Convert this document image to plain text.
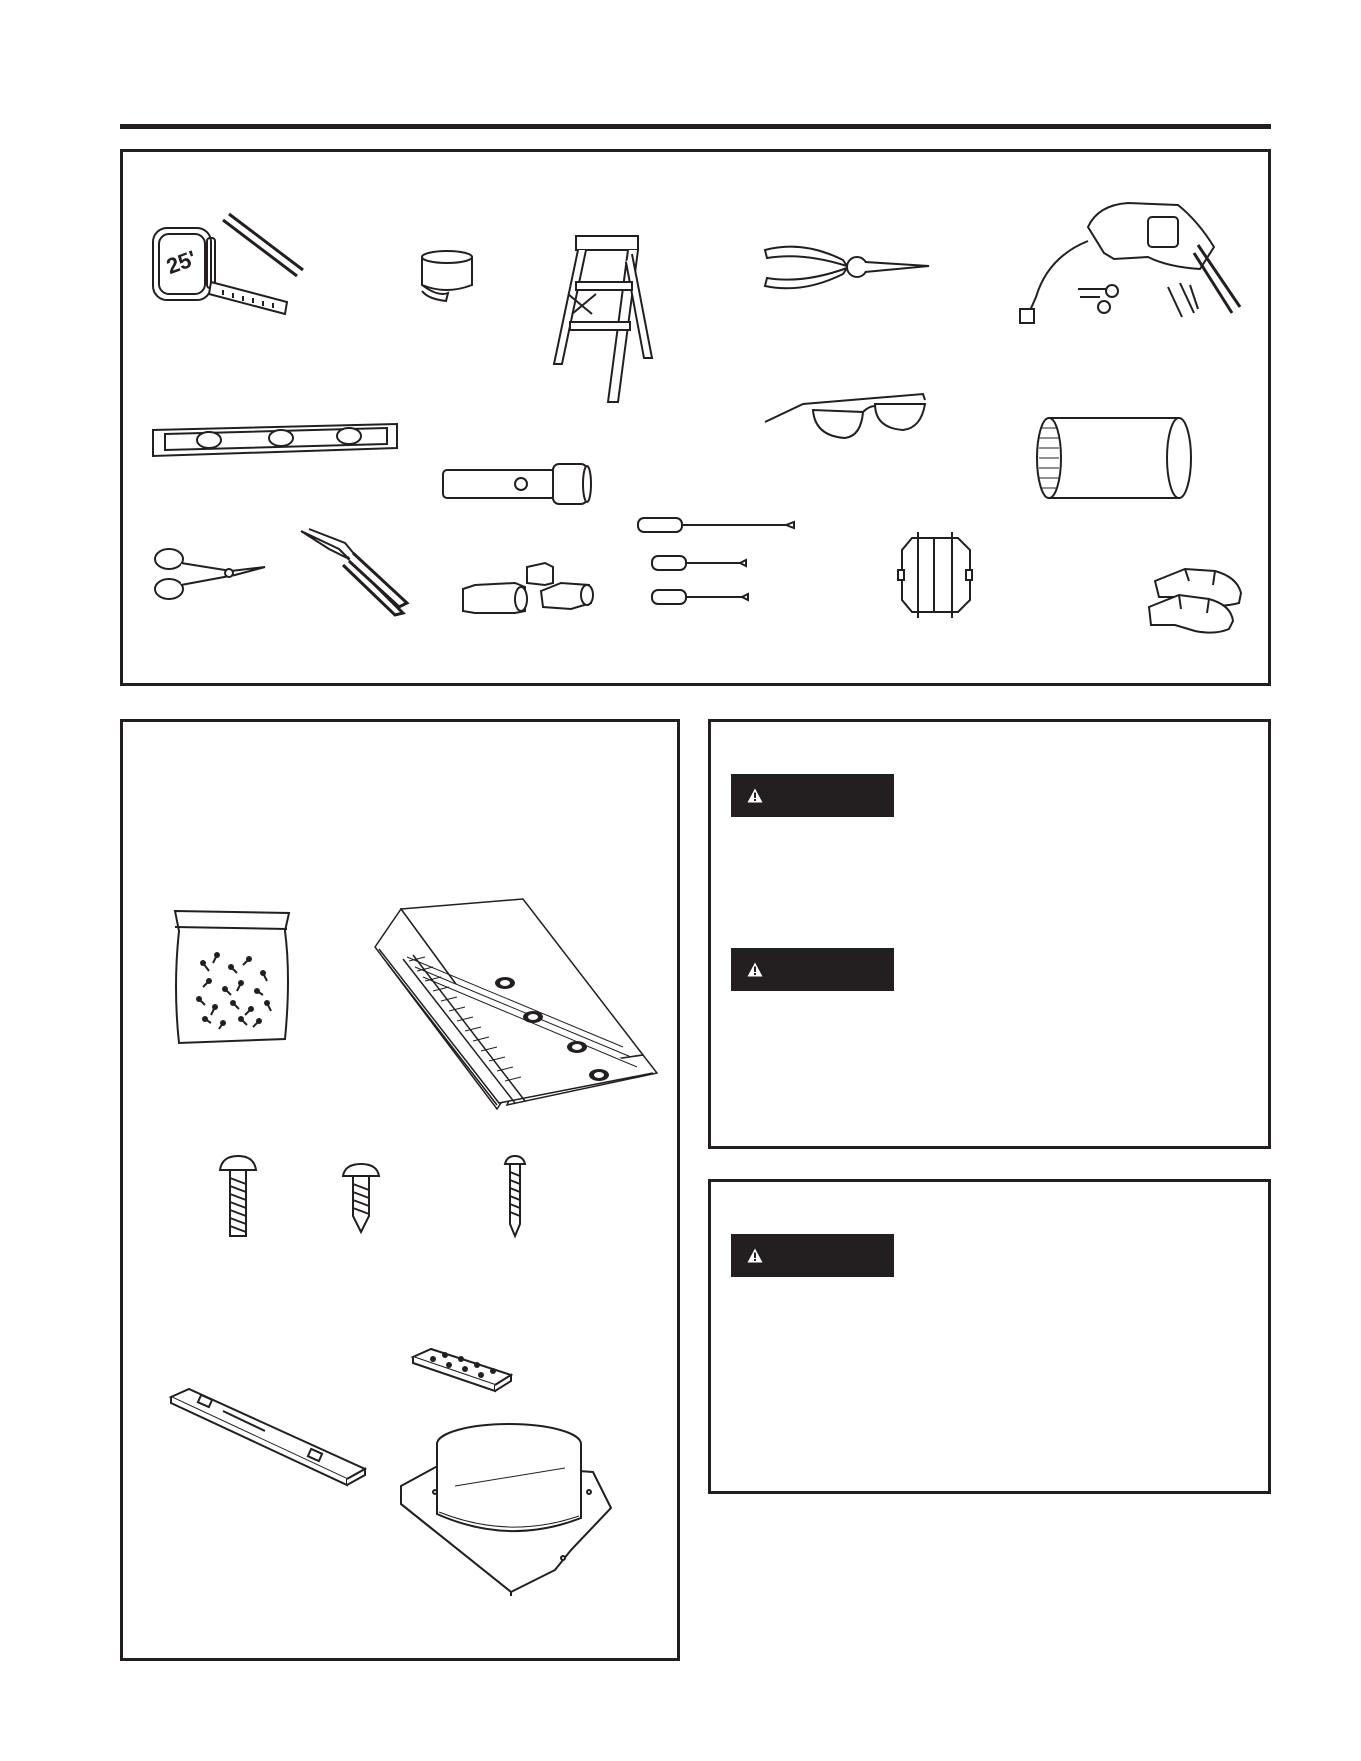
25'
